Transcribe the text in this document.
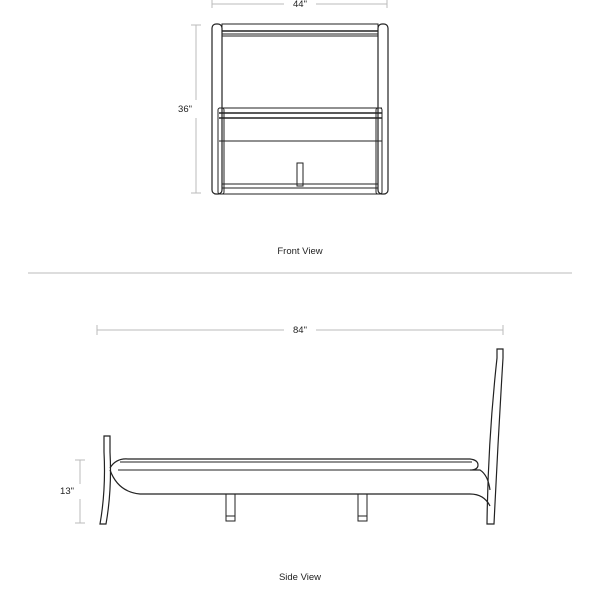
44"
36"
Front View
84"
13"
Side View
